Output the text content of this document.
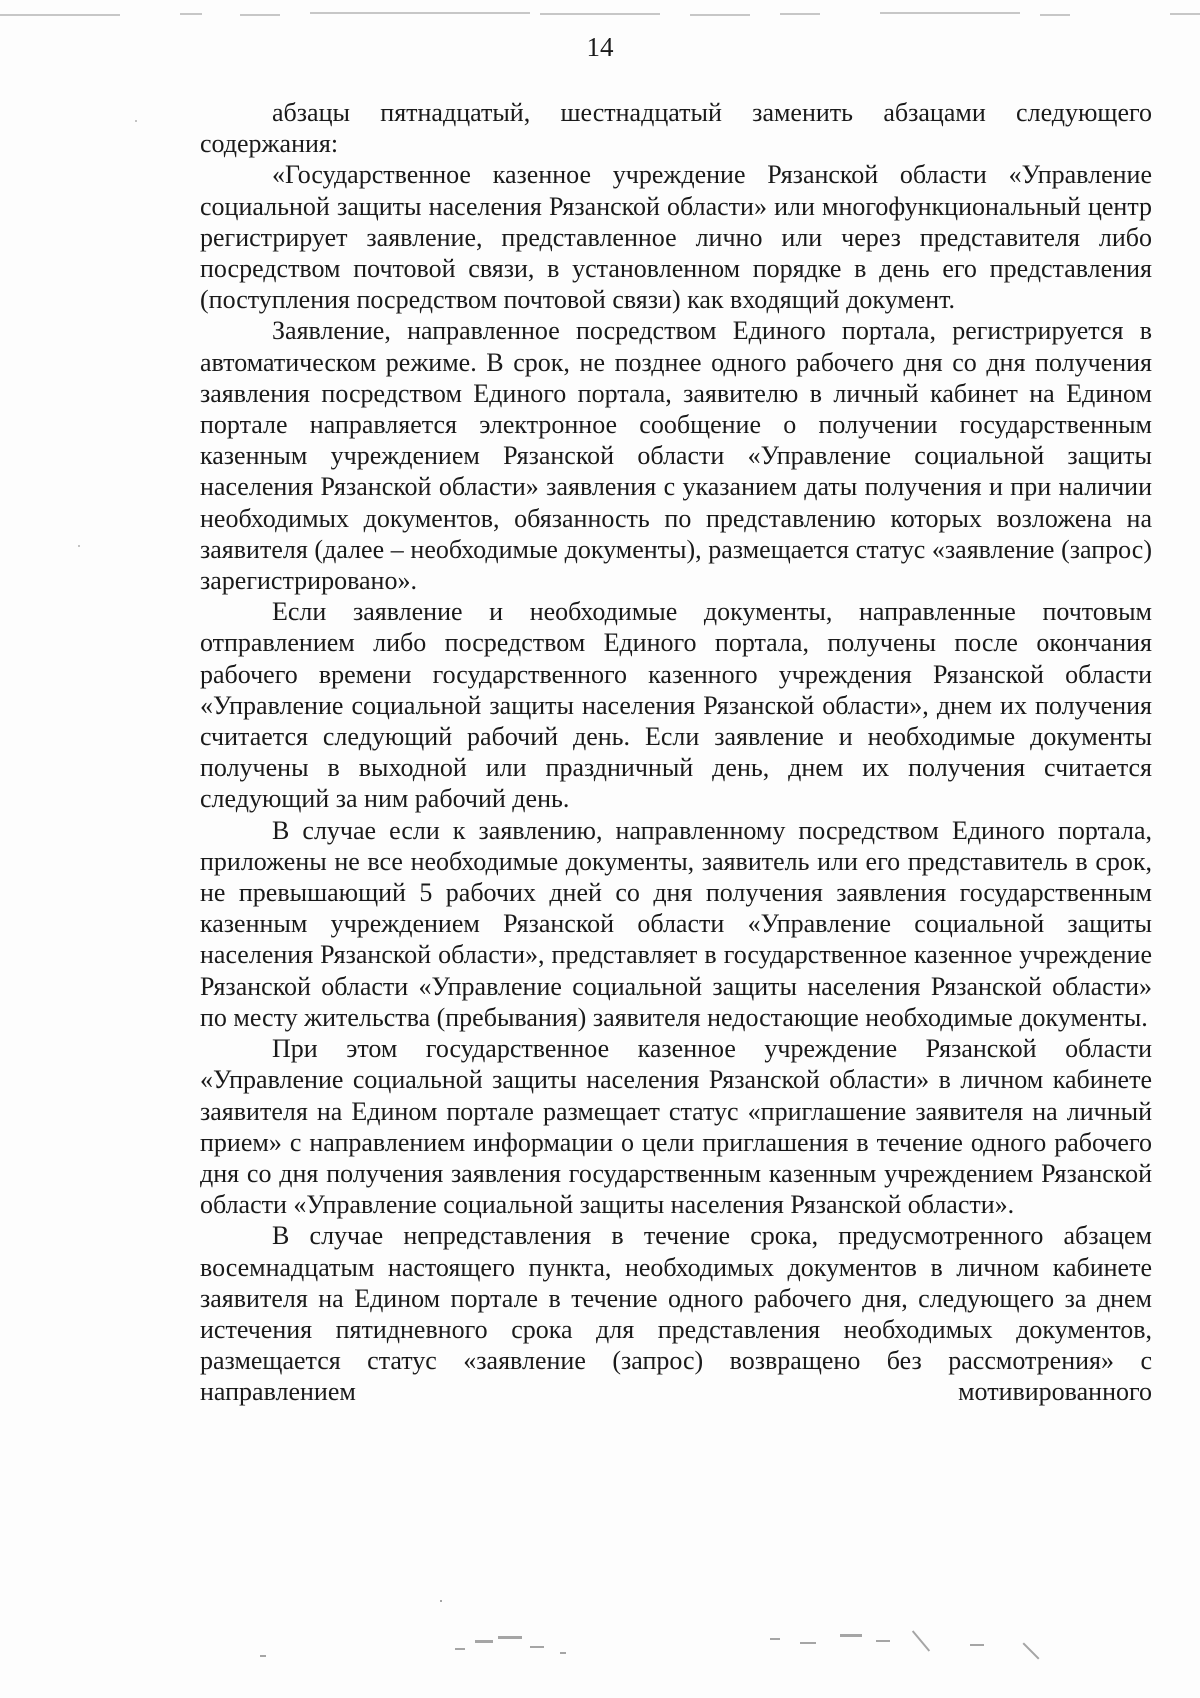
14

абзацы пятнадцатый, шестнадцатый заменить абзацами следующего содержания:

«Государственное казенное учреждение Рязанской области «Управление социальной защиты населения Рязанской области» или многофункциональный центр регистрирует заявление, представленное лично или через представителя либо посредством почтовой связи, в установленном порядке в день его представления (поступления посредством почтовой связи) как входящий документ.

Заявление, направленное посредством Единого портала, регистрируется в автоматическом режиме. В срок, не позднее одного рабочего дня со дня получения заявления посредством Единого портала, заявителю в личный кабинет на Едином портале направляется электронное сообщение о получении государственным казенным учреждением Рязанской области «Управление социальной защиты населения Рязанской области» заявления с указанием даты получения и при наличии необходимых документов, обязанность по представлению которых возложена на заявителя (далее – необходимые документы), размещается статус «заявление (запрос) зарегистрировано».

Если заявление и необходимые документы, направленные почтовым отправлением либо посредством Единого портала, получены после окончания рабочего времени государственного казенного учреждения Рязанской области «Управление социальной защиты населения Рязанской области», днем их получения считается следующий рабочий день. Если заявление и необходимые документы получены в выходной или праздничный день, днем их получения считается следующий за ним рабочий день.

В случае если к заявлению, направленному посредством Единого портала, приложены не все необходимые документы, заявитель или его представитель в срок, не превышающий 5 рабочих дней со дня получения заявления государственным казенным учреждением Рязанской области «Управление социальной защиты населения Рязанской области», представляет в государственное казенное учреждение Рязанской области «Управление социальной защиты населения Рязанской области» по месту жительства (пребывания) заявителя недостающие необходимые документы.

При этом государственное казенное учреждение Рязанской области «Управление социальной защиты населения Рязанской области» в личном кабинете заявителя на Едином портале размещает статус «приглашение заявителя на личный прием» с направлением информации о цели приглашения в течение одного рабочего дня со дня получения заявления государственным казенным учреждением Рязанской области «Управление социальной защиты населения Рязанской области».

В случае непредставления в течение срока, предусмотренного абзацем восемнадцатым настоящего пункта, необходимых документов в личном кабинете заявителя на Едином портале в течение одного рабочего дня, следующего за днем истечения пятидневного срока для представления необходимых документов, размещается статус «заявление (запрос) возвращено без рассмотрения» с направлением мотивированного
